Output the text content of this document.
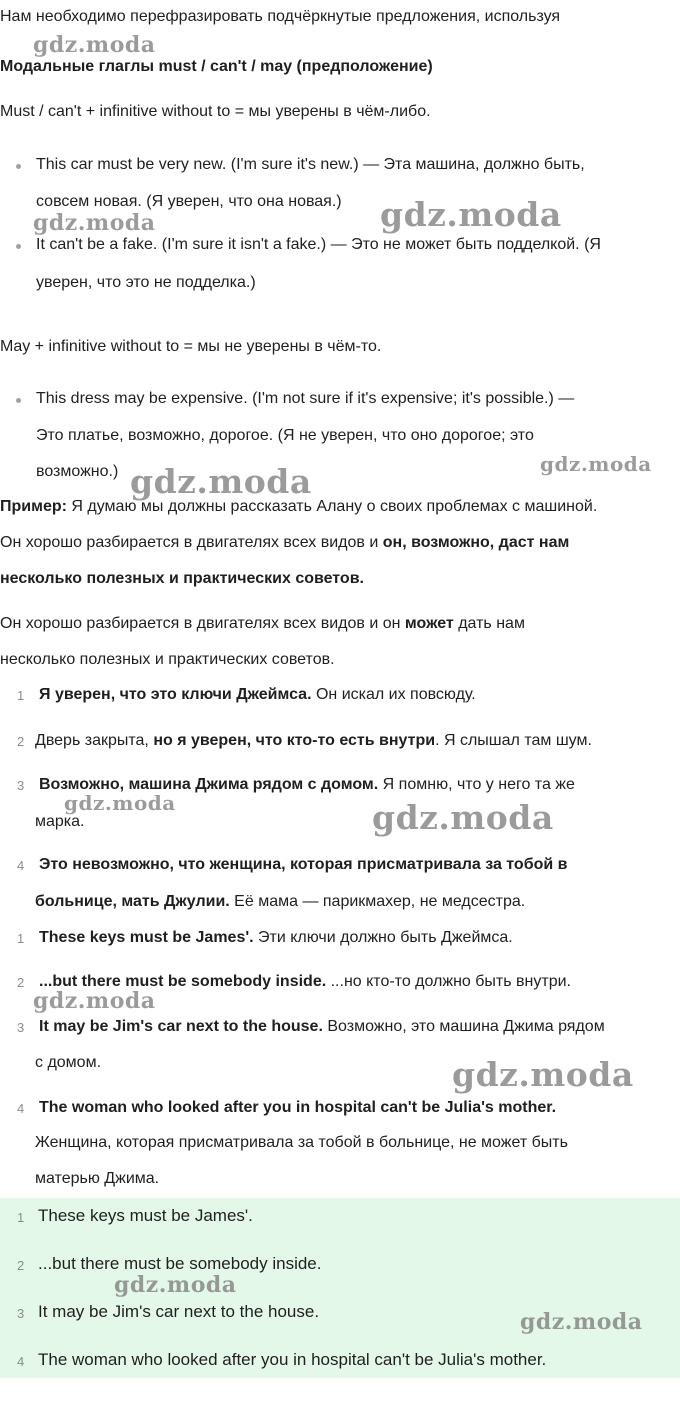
Нам необходимо перефразировать подчёркнутые предложения, используя
Модальные глаглы must / can't / may (предположение)
Must / can't + infinitive without to = мы уверены в чём-либо.
This car must be very new. (I'm sure it's new.) — Эта машина, должно быть,
совсем новая. (Я уверен, что она новая.)
It can't be a fake. (I'm sure it isn't a fake.) — Это не может быть подделкой. (Я
уверен, что это не подделка.)
May + infinitive without to = мы не уверены в чём-то.
This dress may be expensive. (I'm not sure if it's expensive; it's possible.) —
Это платье, возможно, дорогое. (Я не уверен, что оно дорогое; это
возможно.)
Пример: Я думаю мы должны рассказать Алану о своих проблемах с машиной.
Он хорошо разбирается в двигателях всех видов и он, возможно, даст нам
несколько полезных и практических советов.
Он хорошо разбирается в двигателях всех видов и он может дать нам
несколько полезных и практических советов.
1 Я уверен, что это ключи Джеймса. Он искал их повсюду.
2 Дверь закрыта, но я уверен, что кто-то есть внутри. Я слышал там шум.
3 Возможно, машина Джима рядом с домом. Я помню, что у него та же
марка.
4 Это невозможно, что женщина, которая присматривала за тобой в
больнице, мать Джулии. Её мама — парикмахер, не медсестра.
1 These keys must be James'. Эти ключи должно быть Джеймса.
2 ...but there must be somebody inside. ...но кто-то должно быть внутри.
3 It may be Jim's car next to the house. Возможно, это машина Джима рядом
с домом.
4 The woman who looked after you in hospital can't be Julia's mother.
Женщина, которая присматривала за тобой в больнице, не может быть
матерью Джима.
1 These keys must be James'.
2 ...but there must be somebody inside.
3 It may be Jim's car next to the house.
4 The woman who looked after you in hospital can't be Julia's mother.
gdz.moda
gdz.moda	gdz.moda
gdz.moda	gdz.moda
gdz.moda	gdz.moda
gdz.moda
gdz.moda
gdz.moda
gdz.moda
